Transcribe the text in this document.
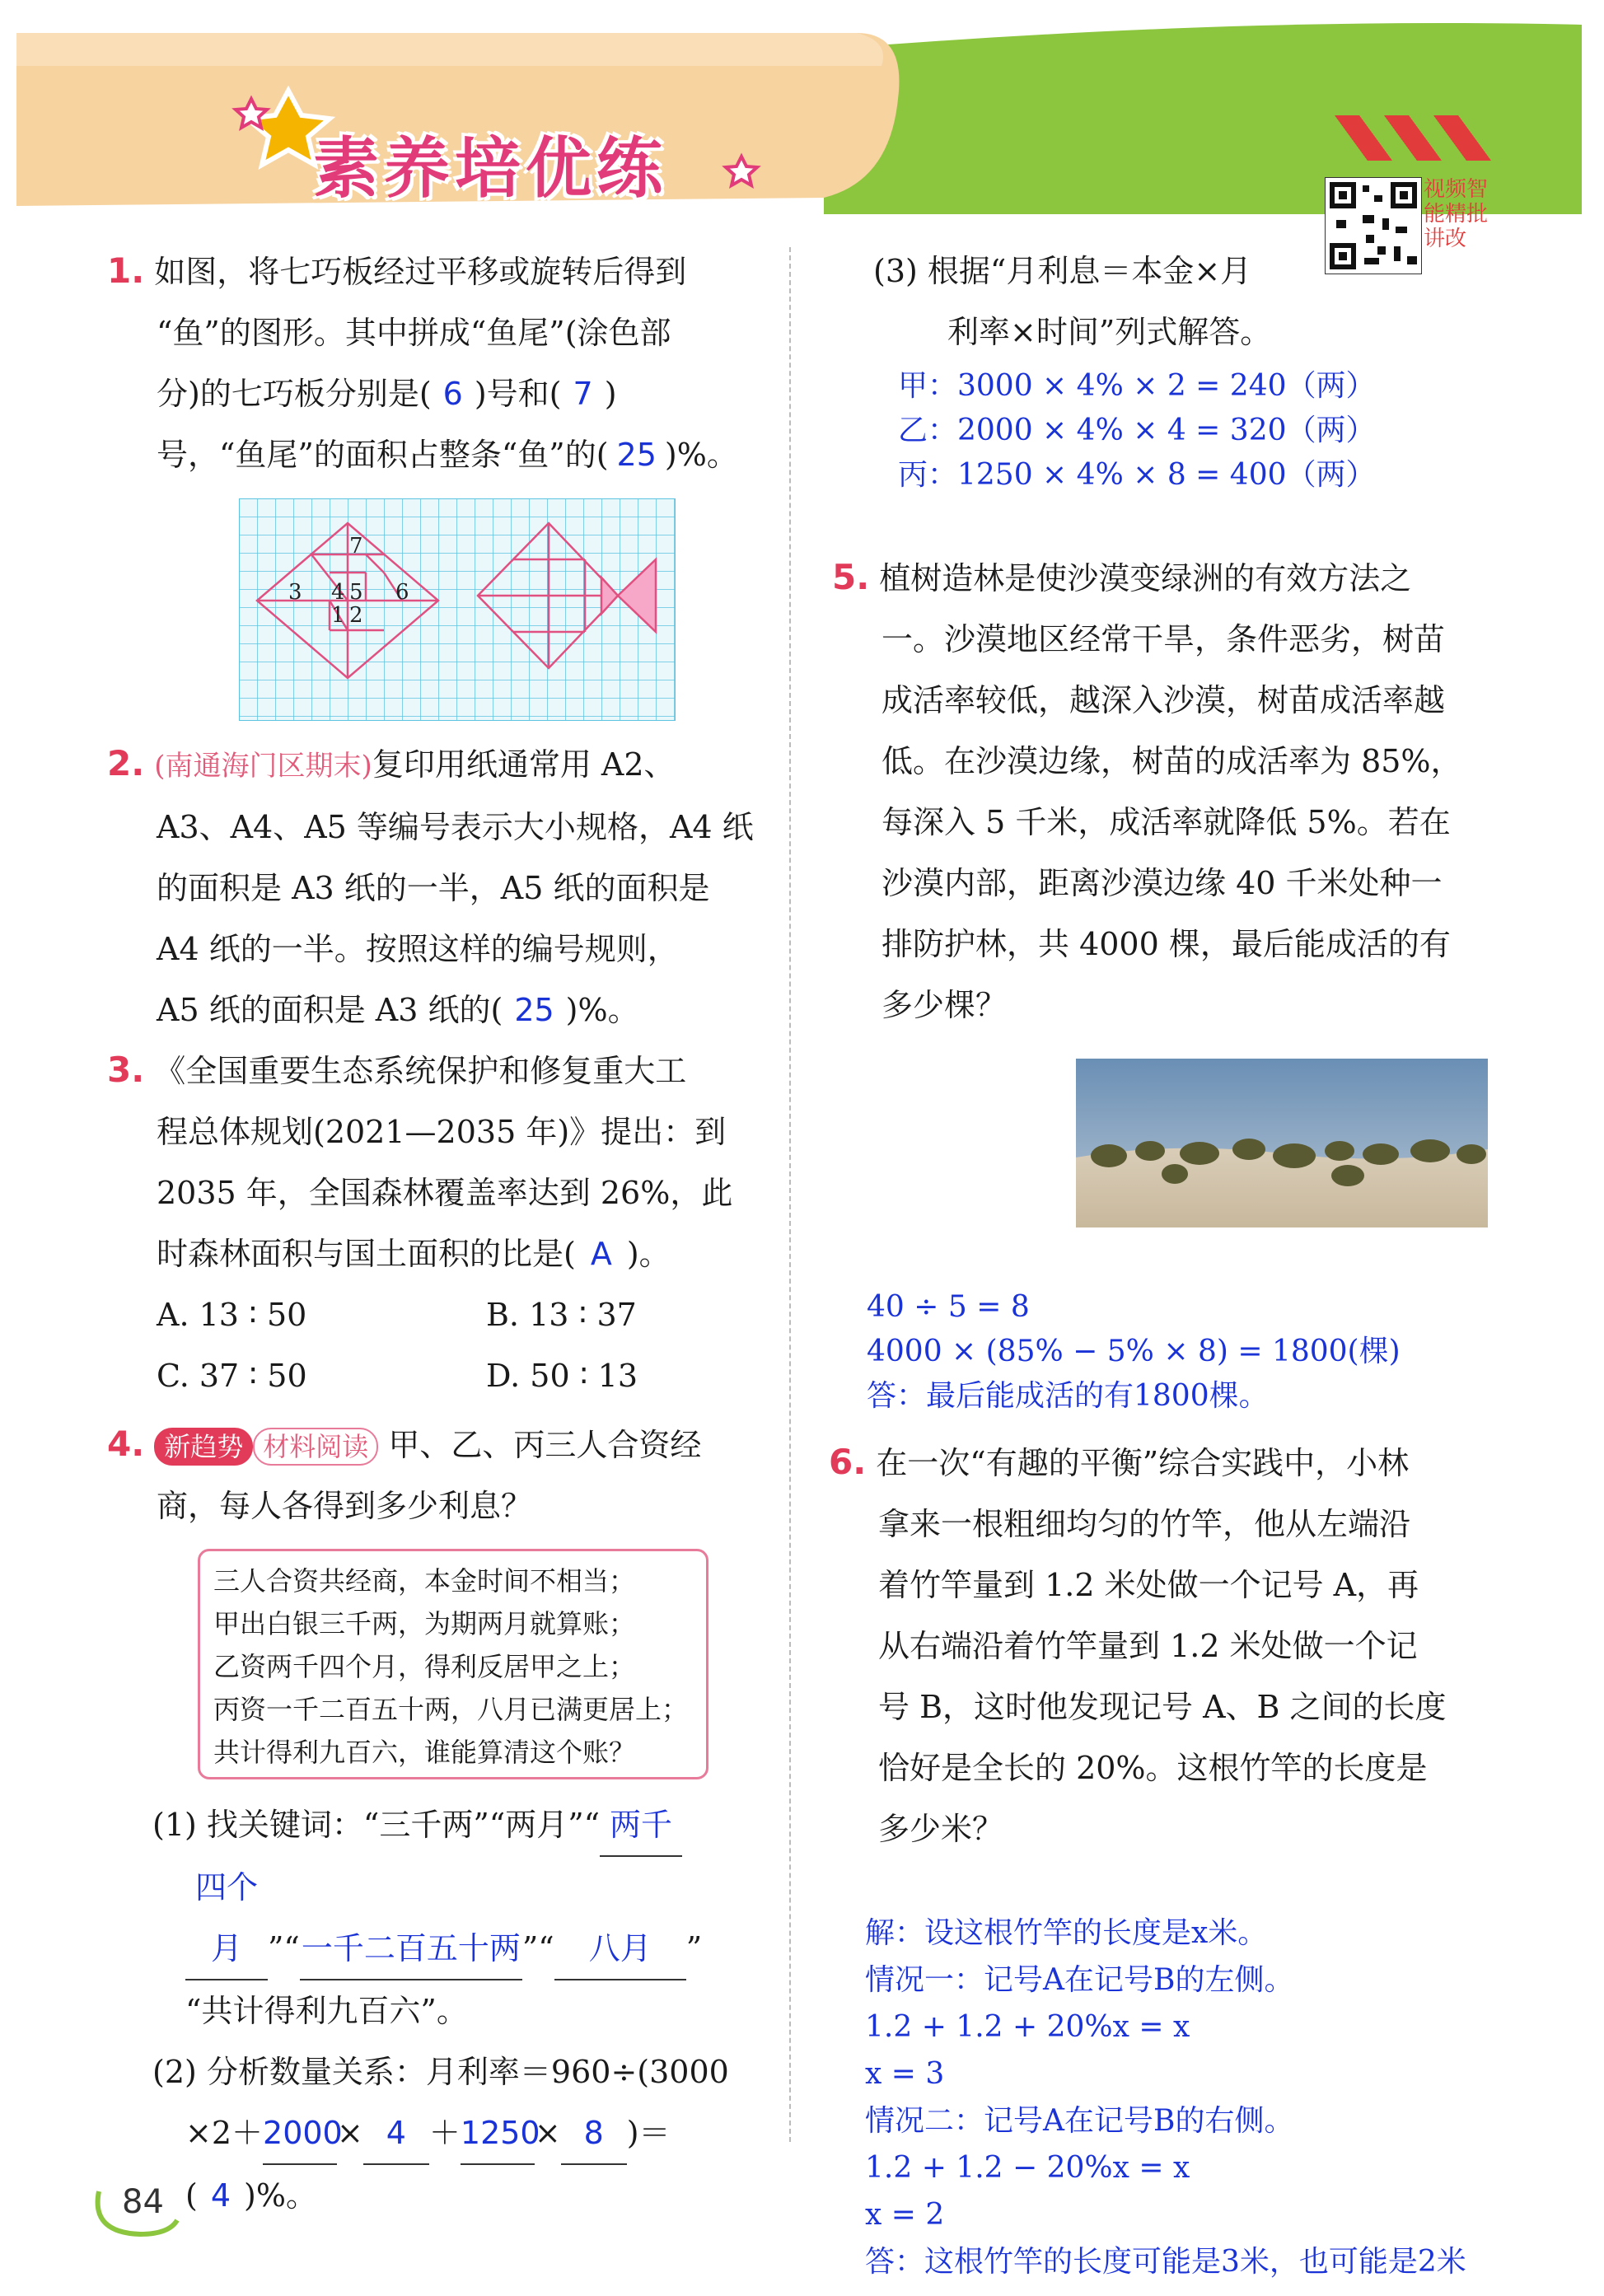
素养培优练	视频智能精批讲改
1. 如图，将七巧板经过平移或旋转后得到
“鱼”的图形。其中拼成“鱼尾”(涂色部
分)的七巧板分别是( 6 )号和( 7 )
号，“鱼尾”的面积占整条“鱼”的( 25 )%。
7
3 4 5 6
1 2
2. (南通海门区期末)复印用纸通常用 A2、
A3、A4、A5 等编号表示大小规格，A4 纸
的面积是 A3 纸的一半，A5 纸的面积是
A4 纸的一半。按照这样的编号规则，
A5 纸的面积是 A3 纸的( 25 )%。
3. 《全国重要生态系统保护和修复重大工
程总体规划(2021—2035 年)》提出：到
2035 年，全国森林覆盖率达到 26%，此
时森林面积与国土面积的比是( A )。
A. 13 ∶ 50	B. 13 ∶ 37
C. 37 ∶ 50	D. 50 ∶ 13
4. 新趋势 材料阅读 甲、乙、丙三人合资经
商，每人各得到多少利息？
三人合资共经商，本金时间不相当；
甲出白银三千两，为期两月就算账；
乙资两千四个月，得利反居甲之上；
丙资一千二百五十两，八月已满更居上；
共计得利九百六，谁能算清这个账？
(1) 找关键词：“三千两”“两月”“ 两千
四个月 ”“一千二百五十两”“ 八月 ”
“共计得利九百六”。
(2) 分析数量关系：月利率＝960÷(3000
×2＋2000× 4 ＋1250× 8 )＝
( 4 )%。
(3) 根据“月利息＝本金×月
利率×时间”列式解答。
甲：3000 × 4% × 2 = 240（两）
乙：2000 × 4% × 4 = 320（两）
丙：1250 × 4% × 8 = 400（两）
5. 植树造林是使沙漠变绿洲的有效方法之
一。沙漠地区经常干旱，条件恶劣，树苗
成活率较低，越深入沙漠，树苗成活率越
低。在沙漠边缘，树苗的成活率为 85%，
每深入 5 千米，成活率就降低 5%。若在
沙漠内部，距离沙漠边缘 40 千米处种一
排防护林，共 4000 棵，最后能成活的有
多少棵？
40 ÷ 5 = 8
4000 × (85% − 5% × 8) = 1800(棵)
答：最后能成活的有1800棵。
6. 在一次“有趣的平衡”综合实践中，小林
拿来一根粗细均匀的竹竿，他从左端沿
着竹竿量到 1.2 米处做一个记号 A，再
从右端沿着竹竿量到 1.2 米处做一个记
号 B，这时他发现记号 A、B 之间的长度
恰好是全长的 20%。这根竹竿的长度是
多少米？
解：设这根竹竿的长度是x米。
情况一：记号A在记号B的左侧。
1.2 + 1.2 + 20%x = x
x = 3
情况二：记号A在记号B的右侧。
1.2 + 1.2 − 20%x = x
x = 2
答：这根竹竿的长度可能是3米，也可能是2米
84
